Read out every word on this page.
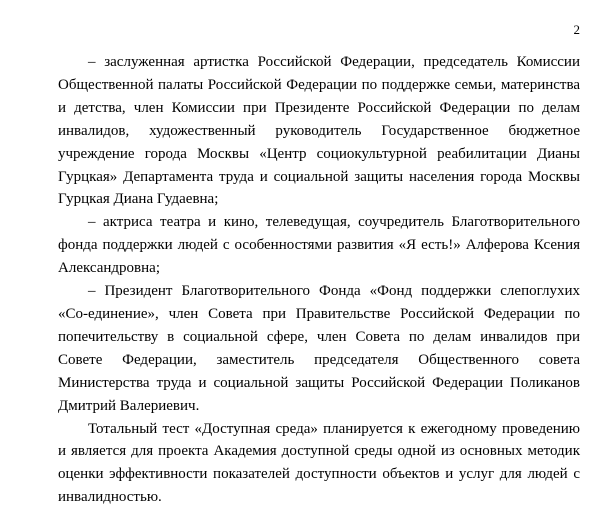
2

– заслуженная артистка Российской Федерации, председатель Комиссии Общественной палаты Российской Федерации по поддержке семьи, материнства и детства, член Комиссии при Президенте Российской Федерации по делам инвалидов, художественный руководитель Государственное бюджетное учреждение города Москвы «Центр социокультурной реабилитации Дианы Гурцкая» Департамента труда и социальной защиты населения города Москвы Гурцкая Диана Гудаевна;

– актриса театра и кино, телеведущая, соучредитель Благотворительного фонда поддержки людей с особенностями развития «Я есть!» Алферова Ксения Александровна;

– Президент Благотворительного Фонда «Фонд поддержки слепоглухих «Со-единение», член Совета при Правительстве Российской Федерации по попечительству в социальной сфере, член Совета по делам инвалидов при Совете Федерации, заместитель председателя Общественного совета Министерства труда и социальной защиты Российской Федерации Поликанов Дмитрий Валериевич.

Тотальный тест «Доступная среда» планируется к ежегодному проведению и является для проекта Академия доступной среды одной из основных методик оценки эффективности показателей доступности объектов и услуг для людей с инвалидностью.
